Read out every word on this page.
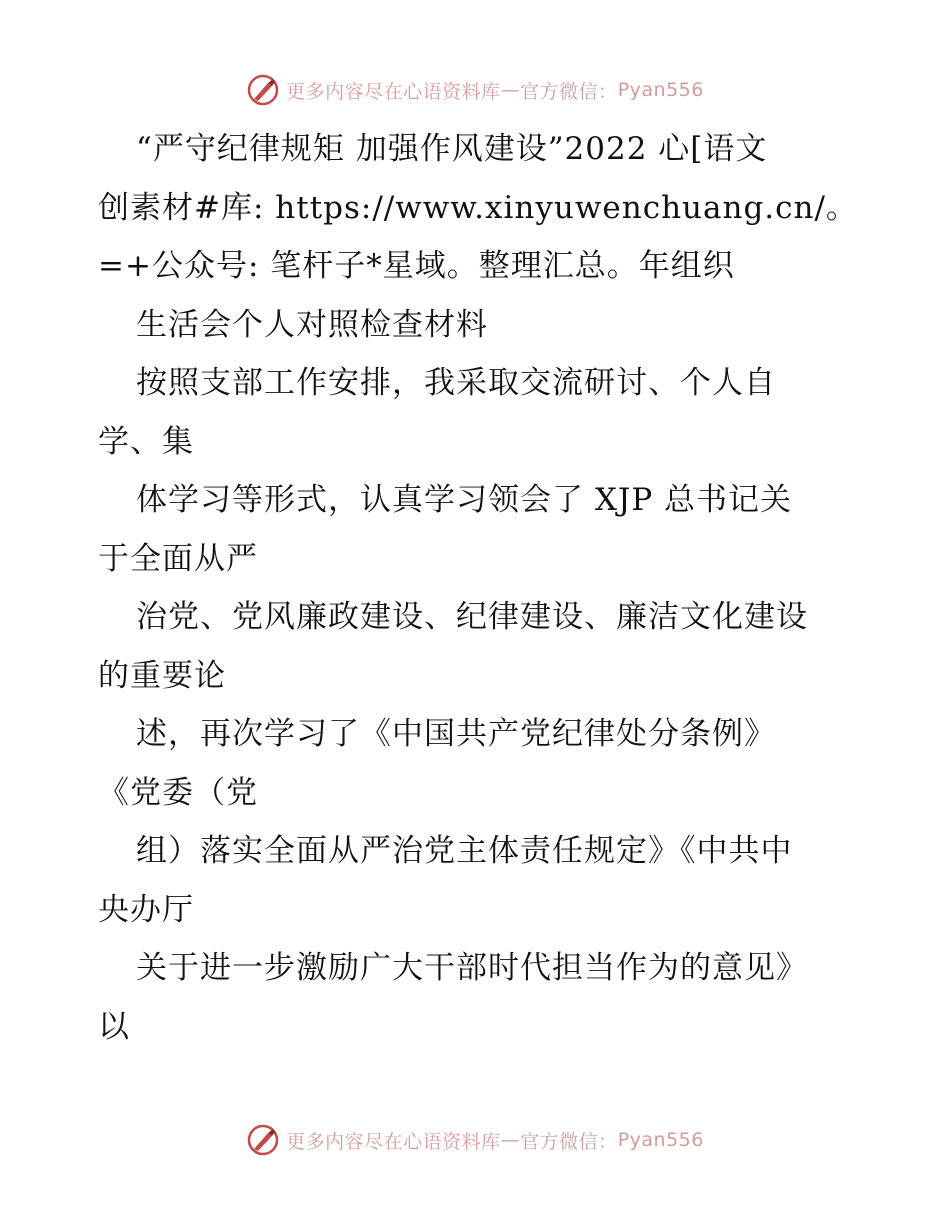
更多内容尽在心语资料库 — 官方微信： Pyan556
“严守纪律规矩 加强作风建设”2022 心[语文
创素材#库: https://www.xinyuwenchuang.cn/。
=+公众号: 笔杆子*星域。整理汇总。年组织
生活会个人对照检查材料
按照支部工作安排，我采取交流研讨、个人自
学、集
体学习等形式，认真学习领会了 XJP 总书记关
于全面从严
治党、党风廉政建设、纪律建设、廉洁文化建设
的重要论
述，再次学习了《中国共产党纪律处分条例》
《党委（党
组）落实全面从严治党主体责任规定》《中共中
央办厅
关于进一步激励广大干部时代担当作为的意见》
以
更多内容尽在心语资料库 — 官方微信： Pyan556
